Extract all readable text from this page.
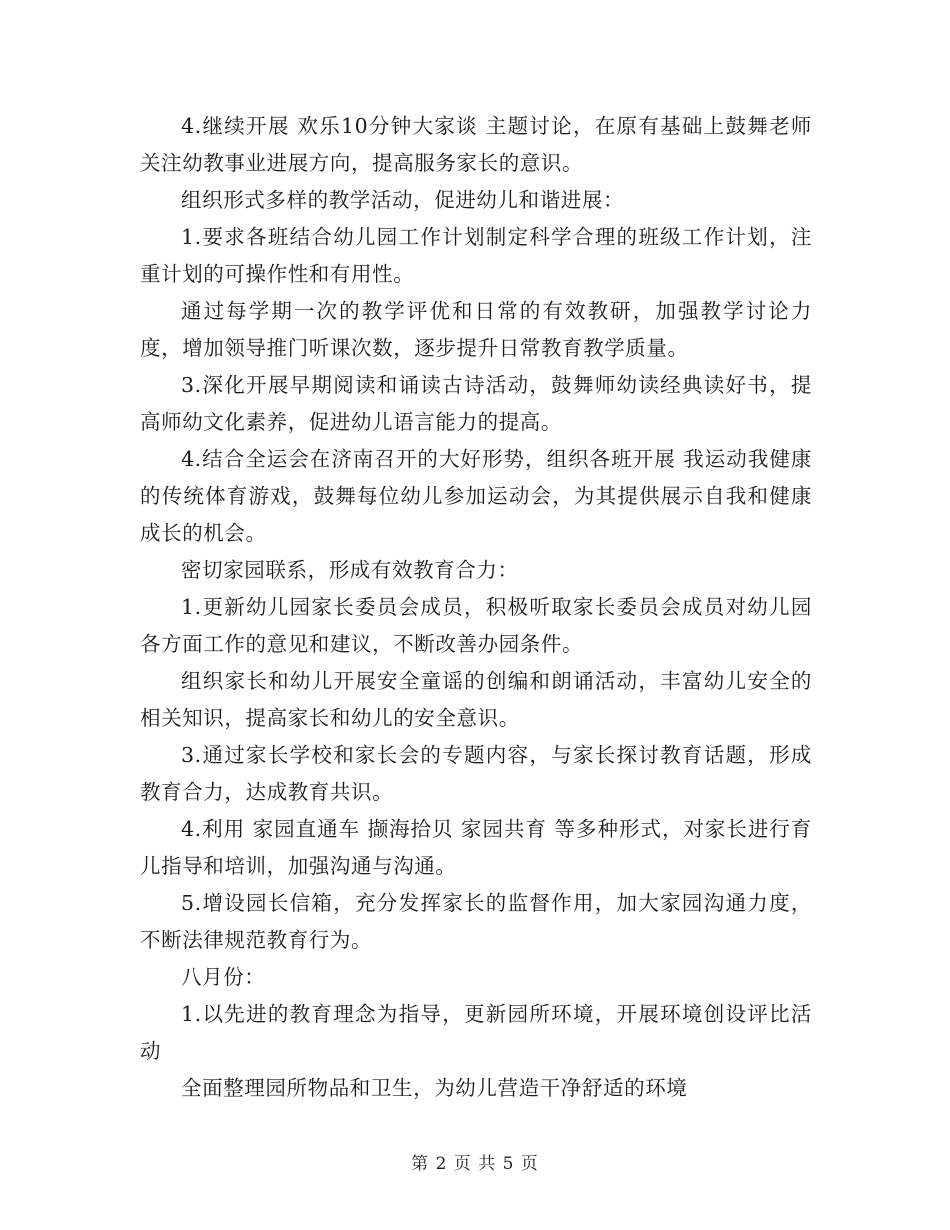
4.继续开展 欢乐10分钟大家谈 主题讨论，在原有基础上鼓舞老师关注幼教事业进展方向，提高服务家长的意识。

组织形式多样的教学活动，促进幼儿和谐进展：

1.要求各班结合幼儿园工作计划制定科学合理的班级工作计划，注重计划的可操作性和有用性。

通过每学期一次的教学评优和日常的有效教研，加强教学讨论力度，增加领导推门听课次数，逐步提升日常教育教学质量。

3.深化开展早期阅读和诵读古诗活动，鼓舞师幼读经典读好书，提高师幼文化素养，促进幼儿语言能力的提高。

4.结合全运会在济南召开的大好形势，组织各班开展 我运动我健康 的传统体育游戏，鼓舞每位幼儿参加运动会，为其提供展示自我和健康成长的机会。

密切家园联系，形成有效教育合力：

1.更新幼儿园家长委员会成员，积极听取家长委员会成员对幼儿园各方面工作的意见和建议，不断改善办园条件。

组织家长和幼儿开展安全童谣的创编和朗诵活动，丰富幼儿安全的相关知识，提高家长和幼儿的安全意识。

3.通过家长学校和家长会的专题内容，与家长探讨教育话题，形成教育合力，达成教育共识。

4.利用 家园直通车 撷海拾贝 家园共育 等多种形式，对家长进行育儿指导和培训，加强沟通与沟通。

5.增设园长信箱，充分发挥家长的监督作用，加大家园沟通力度，不断法律规范教育行为。

八月份：

1.以先进的教育理念为指导，更新园所环境，开展环境创设评比活动

全面整理园所物品和卫生，为幼儿营造干净舒适的环境

第 2 页 共 5 页
